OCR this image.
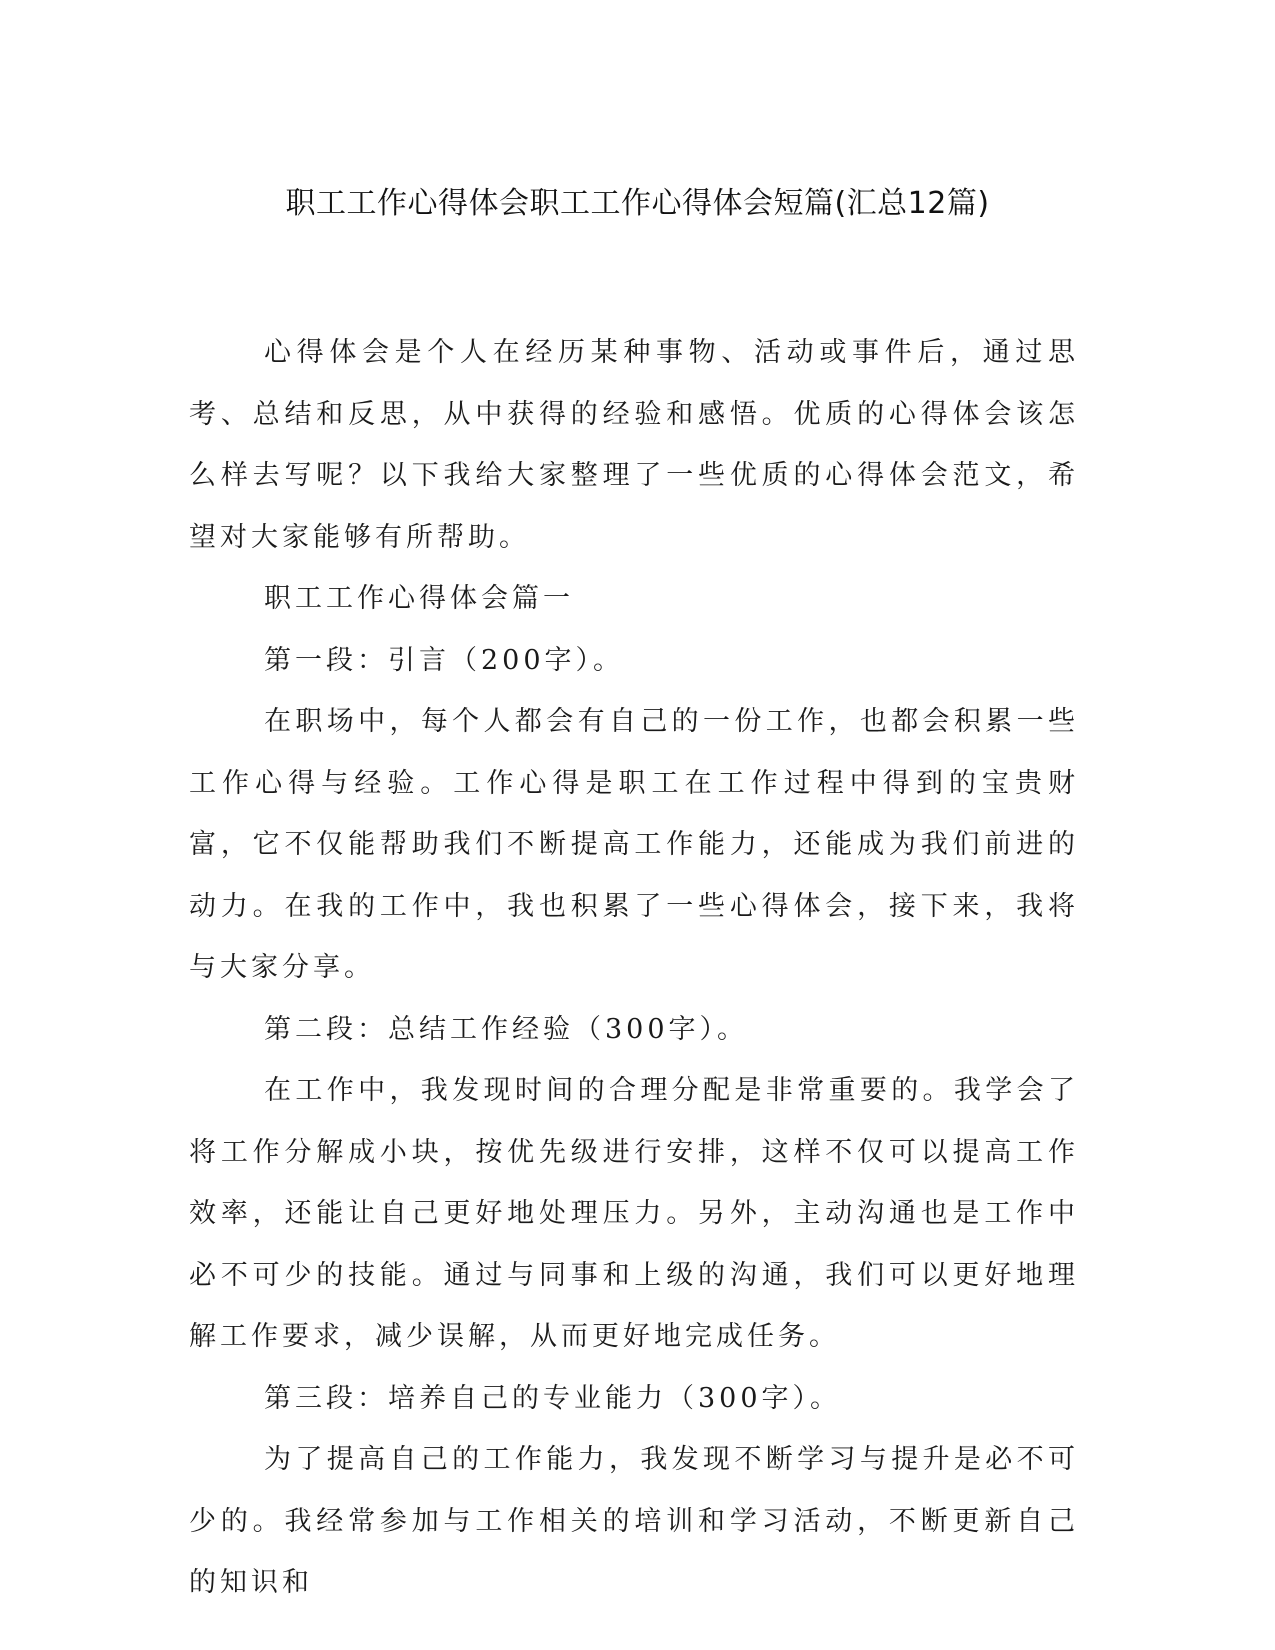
职工工作心得体会职工工作心得体会短篇(汇总12篇)

心得体会是个人在经历某种事物、活动或事件后，通过思考、总结和反思，从中获得的经验和感悟。优质的心得体会该怎么样去写呢？以下我给大家整理了一些优质的心得体会范文，希望对大家能够有所帮助。

职工工作心得体会篇一

第一段：引言（200字）。

在职场中，每个人都会有自己的一份工作，也都会积累一些工作心得与经验。工作心得是职工在工作过程中得到的宝贵财富，它不仅能帮助我们不断提高工作能力，还能成为我们前进的动力。在我的工作中，我也积累了一些心得体会，接下来，我将与大家分享。

第二段：总结工作经验（300字）。

在工作中，我发现时间的合理分配是非常重要的。我学会了将工作分解成小块，按优先级进行安排，这样不仅可以提高工作效率，还能让自己更好地处理压力。另外，主动沟通也是工作中必不可少的技能。通过与同事和上级的沟通，我们可以更好地理解工作要求，减少误解，从而更好地完成任务。

第三段：培养自己的专业能力（300字）。

为了提高自己的工作能力，我发现不断学习与提升是必不可少的。我经常参加与工作相关的培训和学习活动，不断更新自己的知识和
